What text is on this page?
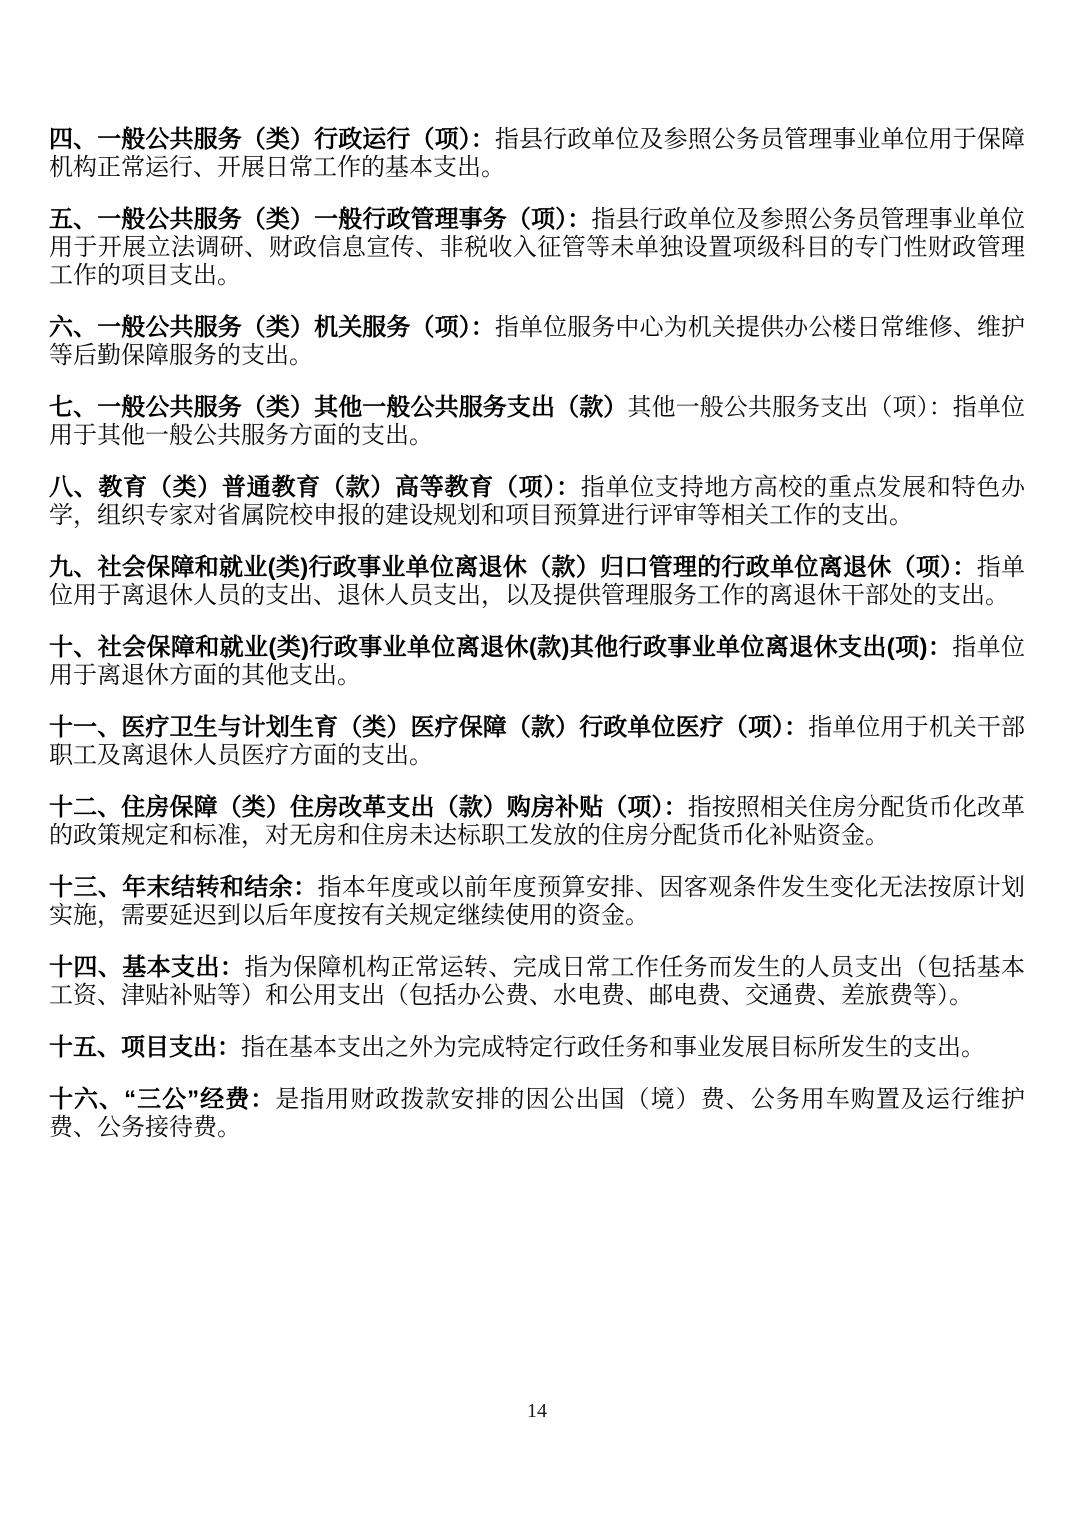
四、一般公共服务（类）行政运行（项）：指县行政单位及参照公务员管理事业单位用于保障机构正常运行、开展日常工作的基本支出。

五、一般公共服务（类）一般行政管理事务（项）：指县行政单位及参照公务员管理事业单位用于开展立法调研、财政信息宣传、非税收入征管等未单独设置项级科目的专门性财政管理工作的项目支出。

六、一般公共服务（类）机关服务（项）：指单位服务中心为机关提供办公楼日常维修、维护等后勤保障服务的支出。

七、一般公共服务（类）其他一般公共服务支出（款）其他一般公共服务支出（项）：指单位用于其他一般公共服务方面的支出。

八、教育（类）普通教育（款）高等教育（项）：指单位支持地方高校的重点发展和特色办学，组织专家对省属院校申报的建设规划和项目预算进行评审等相关工作的支出。

九、社会保障和就业(类)行政事业单位离退休（款）归口管理的行政单位离退休（项）：指单位用于离退休人员的支出、退休人员支出，以及提供管理服务工作的离退休干部处的支出。

十、社会保障和就业(类)行政事业单位离退休(款)其他行政事业单位离退休支出(项)：指单位用于离退休方面的其他支出。

十一、医疗卫生与计划生育（类）医疗保障（款）行政单位医疗（项）：指单位用于机关干部职工及离退休人员医疗方面的支出。

十二、住房保障（类）住房改革支出（款）购房补贴（项）：指按照相关住房分配货币化改革的政策规定和标准，对无房和住房未达标职工发放的住房分配货币化补贴资金。

十三、年末结转和结余：指本年度或以前年度预算安排、因客观条件发生变化无法按原计划实施，需要延迟到以后年度按有关规定继续使用的资金。

十四、基本支出：指为保障机构正常运转、完成日常工作任务而发生的人员支出（包括基本工资、津贴补贴等）和公用支出（包括办公费、水电费、邮电费、交通费、差旅费等）。

十五、项目支出：指在基本支出之外为完成特定行政任务和事业发展目标所发生的支出。

十六、“三公”经费：是指用财政拨款安排的因公出国（境）费、公务用车购置及运行维护费、公务接待费。

14
